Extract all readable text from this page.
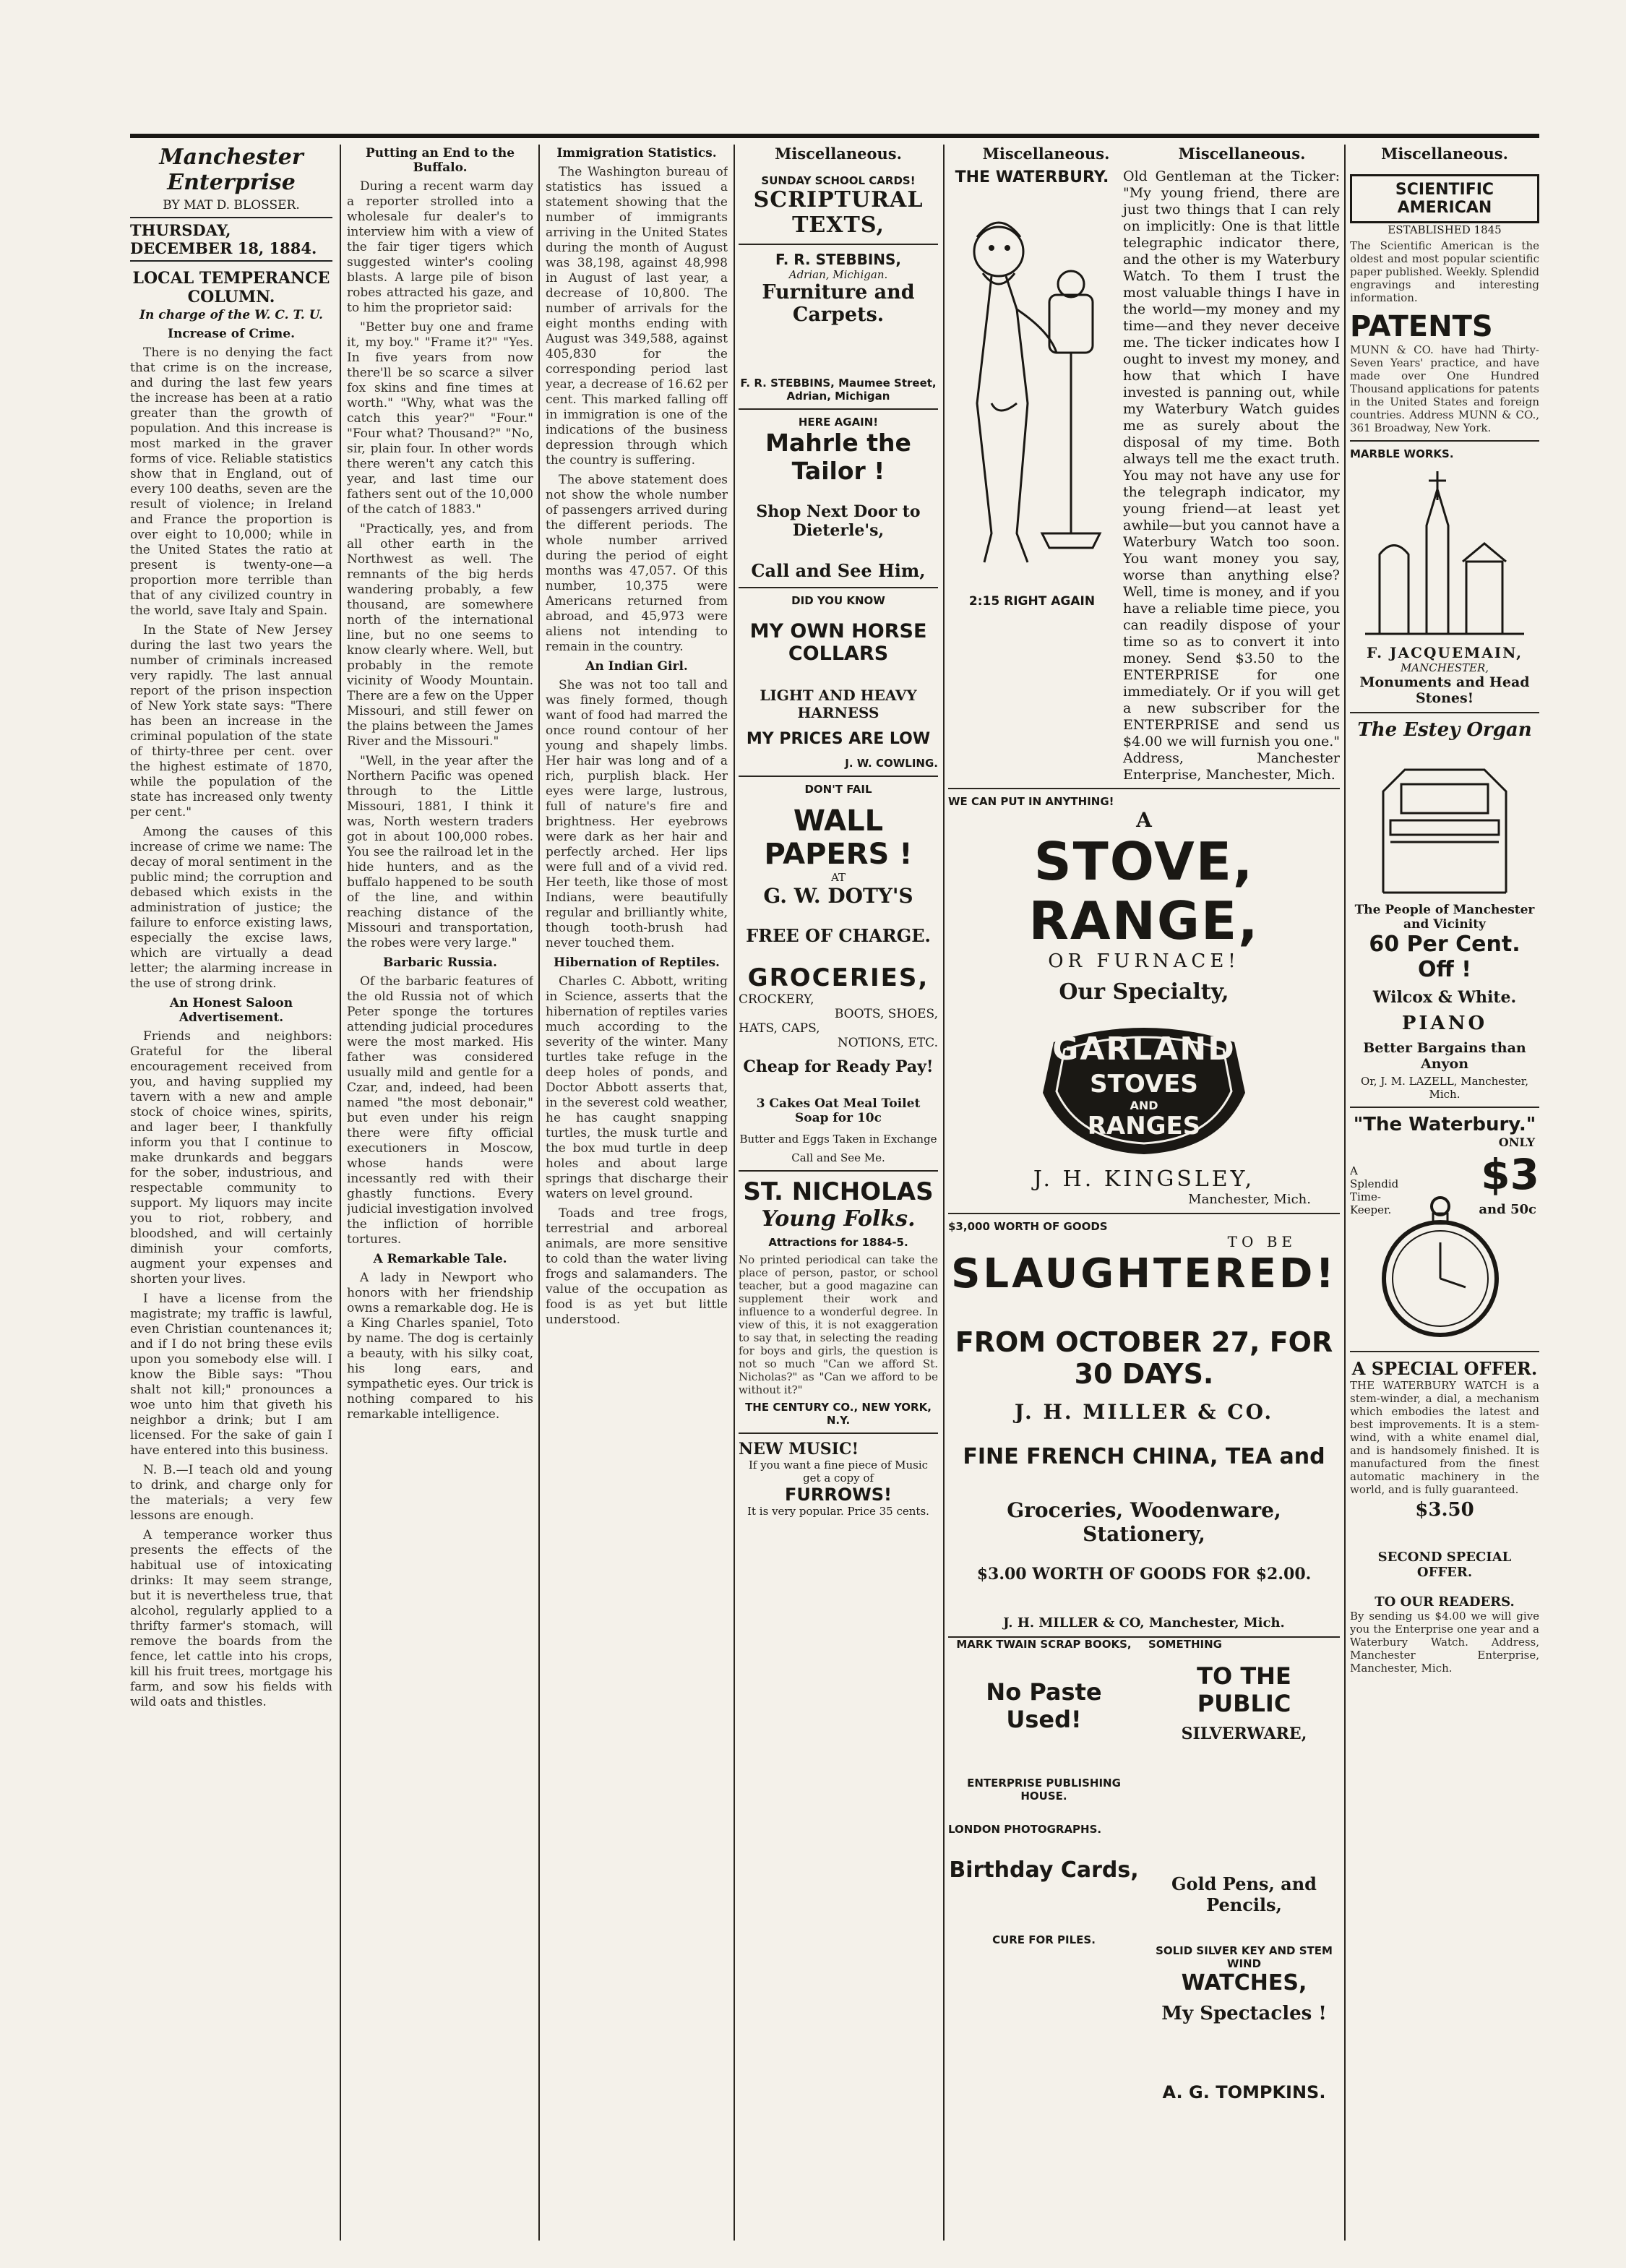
Manchester Enterprise
BY MAT D. BLOSSER.
THURSDAY, DECEMBER 18, 1884.
LOCAL TEMPERANCE COLUMN.
In charge of the W. C. T. U.
Increase of Crime.

There is no denying the fact that crime is on the increase, and during the last few years the increase has been at a ratio greater than the growth of population. And this increase is most marked in the graver forms of vice. Reliable statistics show that in England, out of every 100 deaths, seven are the result of violence; in Ireland and France the proportion is over eight to 10,000; while in the United States the ratio at present is twenty-one—a proportion more terrible than that of any civilized country in the world, save Italy and Spain.

In the State of New Jersey during the last two years the number of criminals increased very rapidly. The last annual report of the prison inspection of New York state says: "There has been an increase in the criminal population of the state of thirty-three per cent. over the highest estimate of 1870, while the population of the state has increased only twenty per cent."

Among the causes of this increase of crime we name: The decay of moral sentiment in the public mind; the corruption and debased which exists in the administration of justice; the failure to enforce existing laws, especially the excise laws, which are virtually a dead letter; the alarming increase in the use of strong drink.

An Honest Saloon Advertisement.

Friends and neighbors: Grateful for the liberal encouragement received from you, and having supplied my tavern with a new and ample stock of choice wines, spirits, and lager beer, I thankfully inform you that I continue to make drunkards and beggars for the sober, industrious, and respectable community to support. My liquors may incite you to riot, robbery, and bloodshed, and will certainly diminish your comforts, augment your expenses and shorten your lives.

I have a license from the magistrate; my traffic is lawful, even Christian countenances it; and if I do not bring these evils upon you somebody else will. I know the Bible says: "Thou shalt not kill;" pronounces a woe unto him that giveth his neighbor a drink; but I am licensed. For the sake of gain I have entered into this business.

N. B.—I teach old and young to drink, and charge only for the materials; a very few lessons are enough.

A temperance worker thus presents the effects of the habitual use of intoxicating drinks: It may seem strange, but it is nevertheless true, that alcohol, regularly applied to a thrifty farmer's stomach, will remove the boards from the fence, let cattle into his crops, kill his fruit trees, mortgage his farm, and sow his fields with wild oats and thistles.

Putting an End to the Buffalo.

During a recent warm day a reporter strolled into a wholesale fur dealer's to interview him with a view of the fair tiger tigers which suggested winter's cooling blasts. A large pile of bison robes attracted his gaze, and to him the proprietor said:

"Better buy one and frame it, my boy." "Frame it?" "Yes. In five years from now there'll be so scarce a silver fox skins and fine times at worth." "Why, what was the catch this year?" "Four." "Four what? Thousand?" "No, sir, plain four. In other words there weren't any catch this year, and last time our fathers sent out of the 10,000 of the catch of 1883."

"Practically, yes, and from all other earth in the Northwest as well. The remnants of the big herds wandering probably, a few thousand, are somewhere north of the international line, but no one seems to know clearly where. Well, but probably in the remote vicinity of Woody Mountain. There are a few on the Upper Missouri, and still fewer on the plains between the James River and the Missouri."

"Well, in the year after the Northern Pacific was opened through to the Little Missouri, 1881, I think it was, North western traders got in about 100,000 robes. You see the railroad let in the hide hunters, and as the buffalo happened to be south of the line, and within reaching distance of the Missouri and transportation, the robes were very large."

Barbaric Russia.

Of the barbaric features of the old Russia not of which Peter sponge the tortures attending judicial procedures were the most marked. His father was considered usually mild and gentle for a Czar, and, indeed, had been named "the most debonair," but even under his reign there were fifty official executioners in Moscow, whose hands were incessantly red with their ghastly functions. Every judicial investigation involved the infliction of horrible tortures.

A Remarkable Tale.

A lady in Newport who honors with her friendship owns a remarkable dog. He is a King Charles spaniel, Toto by name. The dog is certainly a beauty, with his silky coat, his long ears, and sympathetic eyes. Our trick is nothing compared to his remarkable intelligence.

Immigration Statistics.

The Washington bureau of statistics has issued a statement showing that the number of immigrants arriving in the United States during the month of August was 38,198, against 48,998 in August of last year, a decrease of 10,800. The number of arrivals for the eight months ending with August was 349,588, against 405,830 for the corresponding period last year, a decrease of 16.62 per cent. This marked falling off in immigration is one of the indications of the business depression through which the country is suffering.

The above statement does not show the whole number of passengers arrived during the different periods. The whole number arrived during the period of eight months was 47,057. Of this number, 10,375 were Americans returned from abroad, and 45,973 were aliens not intending to remain in the country.

An Indian Girl.

She was not too tall and was finely formed, though want of food had marred the once round contour of her young and shapely limbs. Her hair was long and of a rich, purplish black. Her eyes were large, lustrous, full of nature's fire and brightness. Her eyebrows were dark as her hair and perfectly arched. Her lips were full and of a vivid red. Her teeth, like those of most Indians, were beautifully regular and brilliantly white, though tooth-brush had never touched them.

Hibernation of Reptiles.

Charles C. Abbott, writing in Science, asserts that the hibernation of reptiles varies much according to the severity of the winter. Many turtles take refuge in the deep holes of ponds, and Doctor Abbott asserts that, in the severest cold weather, he has caught snapping turtles, the musk turtle and the box mud turtle in deep holes and about large springs that discharge their waters on level ground.

Toads and tree frogs, terrestrial and arboreal animals, are more sensitive to cold than the water living frogs and salamanders. The value of the occupation as food is as yet but little understood.

Miscellaneous.
SUNDAY SCHOOL CARDS!
SCRIPTURAL TEXTS,
F. R. STEBBINS,
Adrian, Michigan.
Furniture and Carpets.
F. R. STEBBINS, Maumee Street, Adrian, Michigan
HERE AGAIN!
Mahrle the Tailor !
Shop Next Door to Dieterle's,
Call and See Him,
DID YOU KNOW
MY OWN HORSE COLLARS
LIGHT AND HEAVY HARNESS
MY PRICES ARE LOW
J. W. COWLING.
DON'T FAIL
WALL PAPERS !
AT
G. W. DOTY'S
FREE OF CHARGE.
GROCERIES,
CROCKERY,
BOOTS, SHOES,
HATS, CAPS,
NOTIONS, ETC.
Cheap for Ready Pay!
3 Cakes Oat Meal Toilet Soap for 10c
Butter and Eggs Taken in Exchange
Call and See Me.
ST. NICHOLAS
Young Folks.
Attractions for 1884-5.
No printed periodical can take the place of person, pastor, or school teacher, but a good magazine can supplement their work and influence to a wonderful degree. In view of this, it is not exaggeration to say that, in selecting the reading for boys and girls, the question is not so much "Can we afford St. Nicholas?" as "Can we afford to be without it?"
THE CENTURY CO., NEW YORK, N.Y.
NEW MUSIC!
If you want a fine piece of Music get a copy of
FURROWS!
It is very popular. Price 35 cents.
Miscellaneous.	Miscellaneous.
THE WATERBURY.
2:15 RIGHT AGAIN
Old Gentleman at the Ticker: "My young friend, there are just two things that I can rely on implicitly: One is that little telegraphic indicator there, and the other is my Waterbury Watch. To them I trust the most valuable things I have in the world—my money and my time—and they never deceive me. The ticker indicates how I ought to invest my money, and how that which I have invested is panning out, while my Waterbury Watch guides me as surely about the disposal of my time. Both always tell me the exact truth. You may not have any use for the telegraph indicator, my young friend—at least yet awhile—but you cannot have a Waterbury Watch too soon. You want money you say, worse than anything else? Well, time is money, and if you have a reliable time piece, you can readily dispose of your time so as to convert it into money. Send $3.50 to the ENTERPRISE for one immediately. Or if you will get a new subscriber for the ENTERPRISE and send us $4.00 we will furnish you one." Address, Manchester Enterprise, Manchester, Mich.
WE CAN PUT IN ANYTHING!
A
STOVE, RANGE,
OR FURNACE!
Our Specialty,
GARLAND
STOVES
AND
RANGES
J. H. KINGSLEY,
Manchester, Mich.
$3,000 WORTH OF GOODS
TO BE
SLAUGHTERED!
FROM OCTOBER 27, FOR 30 DAYS.
J. H. MILLER & CO.
FINE FRENCH CHINA, TEA and
Groceries, Woodenware, Stationery,
$3.00 WORTH OF GOODS FOR $2.00.
J. H. MILLER & CO, Manchester, Mich.
MARK TWAIN SCRAP BOOKS,
No Paste Used!
ENTERPRISE PUBLISHING HOUSE.
LONDON PHOTOGRAPHS.
Birthday Cards,
CURE FOR PILES.
SOMETHING
TO THE PUBLIC
SILVERWARE,
Gold Pens, and Pencils,
SOLID SILVER KEY AND STEM WIND
WATCHES,
My Spectacles !
A. G. TOMPKINS.
Miscellaneous.
SCIENTIFIC AMERICAN
ESTABLISHED 1845
The Scientific American is the oldest and most popular scientific paper published. Weekly. Splendid engravings and interesting information.
PATENTS
MUNN & CO. have had Thirty-Seven Years' practice, and have made over One Hundred Thousand applications for patents in the United States and foreign countries. Address MUNN & CO., 361 Broadway, New York.
MARBLE WORKS.
F. JACQUEMAIN,
MANCHESTER,
Monuments and Head Stones!
The Estey Organ
The People of Manchester and Vicinity
60 Per Cent. Off !
Wilcox & White.
PIANO
Better Bargains than Anyon
Or, J. M. LAZELL, Manchester, Mich.
"The Waterbury."
A Splendid Time-Keeper.
ONLY
$3
and 50c
A SPECIAL OFFER.
THE WATERBURY WATCH is a stem-winder, a dial, a mechanism which embodies the latest and best improvements. It is a stem-wind, with a white enamel dial, and is handsomely finished. It is manufactured from the finest automatic machinery in the world, and is fully guaranteed.
$3.50
SECOND SPECIAL OFFER.
TO OUR READERS.
By sending us $4.00 we will give you the Enterprise one year and a Waterbury Watch. Address, Manchester Enterprise, Manchester, Mich.
